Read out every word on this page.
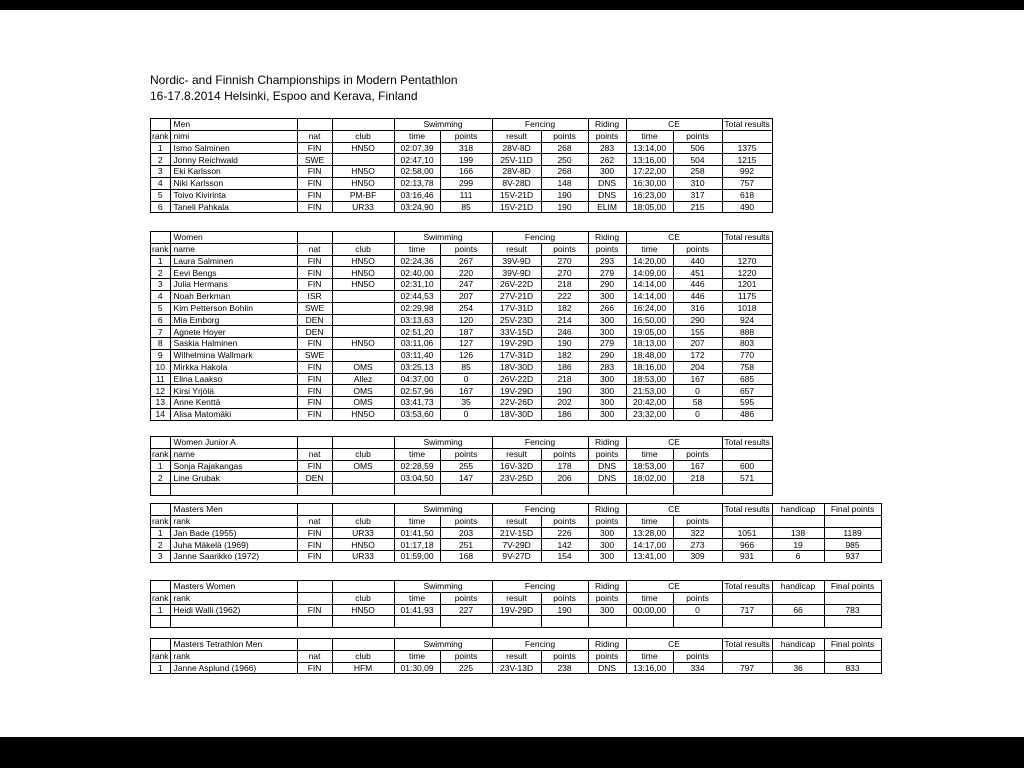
Nordic- and Finnish Championships in Modern Pentathlon
16-17.8.2014 Helsinki, Espoo and Kerava, Finland
	Men			Swimming		Fencing		Riding	CE		Total results
rank	nimi	nat	club	time	points	result	points	points	time	points	
1	Ismo Salminen	FIN	HN5O	02:07,39	318	28V-8D	268	283	13:14,00	506	1375
2	Jonny Reichwald	SWE		02:47,10	199	25V-11D	250	262	13:16,00	504	1215
3	Eki Karlsson	FIN	HN5O	02:58,00	166	28V-8D	268	300	17:22,00	258	992
4	Niki Karlsson	FIN	HN5O	02:13,78	299	8V-28D	148	DNS	16:30,00	310	757
5	Toivo Kivirinta	FIN	PM-BF	03:16,46	111	15V-21D	190	DNS	16:23,00	317	618
6	Taneli Pahkala	FIN	UR33	03:24,90	85	15V-21D	190	ELIM	18:05,00	215	490
	Women			Swimming		Fencing		Riding	CE		Total results
rank	name	nat	club	time	points	result	points	points	time	points	
1	Laura Salminen	FIN	HN5O	02:24,36	267	39V-9D	270	293	14:20,00	440	1270
2	Eevi Bengs	FIN	HN5O	02:40,00	220	39V-9D	270	279	14:09,00	451	1220
3	Julia Hermans	FIN	HN5O	02:31,10	247	26V-22D	218	290	14:14,00	446	1201
4	Noah Berkman	ISR		02:44,53	207	27V-21D	222	300	14:14,00	446	1175
5	Kim Petterson Bohlin	SWE		02:29,98	254	17V-31D	182	266	16:24,00	316	1018
6	Mia Emborg	DEN		03:13,63	120	25V-23D	214	300	16:50,00	290	924
7	Agnete Hoyer	DEN		02:51,20	187	33V-15D	246	300	19:05,00	155	888
8	Saskia Halminen	FIN	HN5O	03:11,06	127	19V-29D	190	279	18:13,00	207	803
9	Wilhelmina Wallmark	SWE		03:11,40	126	17V-31D	182	290	18:48,00	172	770
10	Mirkka Hakola	FIN	OMS	03:25,13	85	18V-30D	186	283	18:16,00	204	758
11	Elina Laakso	FIN	Allez	04:37,00	0	26V-22D	218	300	18:53,00	167	685
12	Kirsi Yrjölä	FIN	OMS	02:57,96	167	19V-29D	190	300	21:53,00	0	657
13	Anne Kenttä	FIN	OMS	03:41,73	35	22V-26D	202	300	20:42,00	58	595
14	Alisa Matomäki	FIN	HN5O	03:53,60	0	18V-30D	186	300	23:32,00	0	486
	Women Junior A			Swimming		Fencing		Riding	CE		Total results
rank	name	nat	club	time	points	result	points	points	time	points	
1	Sonja Rajakangas	FIN	OMS	02:28,59	255	16V-32D	178	DNS	18:53,00	167	600
2	Line Grubak	DEN		03:04,50	147	23V-25D	206	DNS	18:02,00	218	571

	Masters Men			Swimming		Fencing		Riding	CE		Total results	handicap	Final points
rank	rank	nat	club	time	points	result	points	points	time	points			
1	Jan Bade (1955)	FIN	UR33	01:41,50	203	21V-15D	226	300	13:28,00	322	1051	138	1189
2	Juha Mäkelä (1969)	FIN	HN5O	01:17,18	251	7V-29D	142	300	14:17,00	273	966	19	985
3	Janne Saarikko (1972)	FIN	UR33	01:59,00	168	9V-27D	154	300	13:41,00	309	931	6	937
	Masters Women			Swimming		Fencing		Riding	CE		Total results	handicap	Final points
rank	rank		club	time	points	result	points	points	time	points			
1	Heidi Walli (1962)	FIN	HN5O	01:41,93	227	19V-29D	190	300	00:00,00	0	717	66	783

	Masters Tetrathlon Men			Swimming		Fencing		Riding	CE		Total results	handicap	Final points
rank	rank	nat	club	time	points	result	points	points	time	points			
1	Janne Asplund (1966)	FIN	HFM	01:30,09	225	23V-13D	238	DNS	13:16,00	334	797	36	833
